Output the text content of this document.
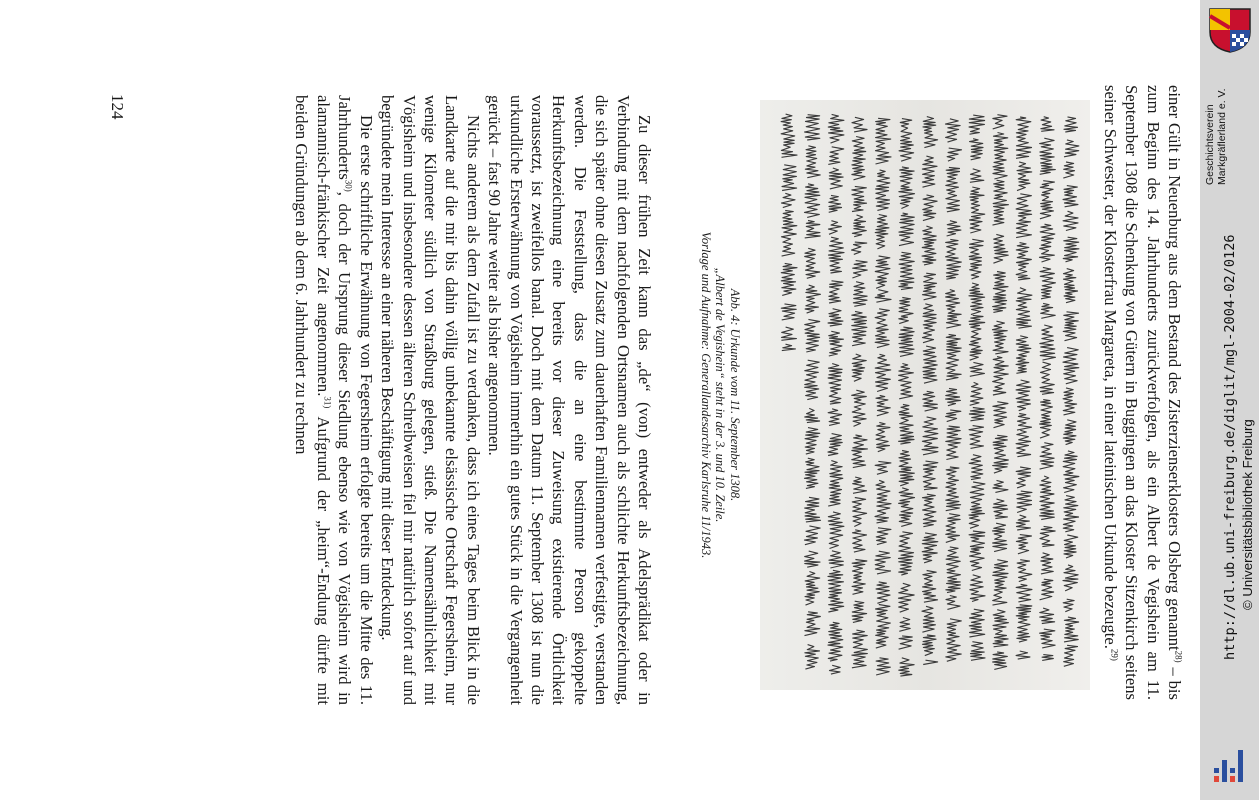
einer Gült in Neuenburg aus dem Bestand des Zisterzienserklosters Olsberg genannt$^{28)}$ – bis zum Beginn des 14. Jahrhunderts zurückverfolgen, als ein Albert de Vegishein am 11. September 1308 die Schenkung von Gütern in Buggingen an das Kloster Sitzenkirch seitens seiner Schwester, der Klosterfrau Margareta, in einer lateinischen Urkunde bezeugte.$^{29)}$

Abb. 4: Urkunde vom 11. September 1308.
„Albert de Vegishein“ steht in der 3. und 10. Zeile.
Vorlage und Aufnahme: Generallandesarchiv Karlsruhe 11/1943.

Zu dieser frühen Zeit kann das „de“ (von) entweder als Adelsprädikat oder in Verbindung mit dem nachfolgenden Ortsnamen auch als schlichte Herkunftsbezeichnung, die sich später ohne diesen Zusatz zum dauerhaften Familiennamen verfestigte, verstanden werden. Die Feststellung, dass die an eine bestimmte Person gekoppelte Herkunftsbezeichnung eine bereits vor dieser Zuweisung existierende Örtlichkeit voraussetzt, ist zweifellos banal. Doch mit dem Datum 11. September 1308 ist nun die urkundliche Ersterwähnung von Vögisheim immerhin ein gutes Stück in die Vergangenheit gerückt – fast 90 Jahre weiter als bisher angenommen.

Nichts anderem als dem Zufall ist zu verdanken, dass ich eines Tages beim Blick in die Landkarte auf die mir bis dahin völlig unbekannte elsässische Ortschaft Fegersheim, nur wenige Kilometer südlich von Straßburg gelegen, stieß. Die Namensähnlichkeit mit Vögisheim und insbesondere dessen älteren Schreibweisen fiel mir natürlich sofort auf und begründete mein Interesse an einer näheren Beschäftigung mit dieser Entdeckung.

Die erste schriftliche Erwähnung von Fegersheim erfolgte bereits um die Mitte des 11. Jahrhunderts$^{30)}$, doch der Ursprung dieser Siedlung ebenso wie von Vögisheim wird in alamannisch-fränkischer Zeit angenommen.$^{31)}$ Aufgrund der „heim“-Endung dürfte mit beiden Gründungen ab dem 6. Jahrhundert zu rechnen

124	Geschichtsverein Markgräflerland e. V.
http://dl.ub.uni-freiburg.de/diglit/mgl-2004-02/0126 © Universitätsbibliothek Freiburg
